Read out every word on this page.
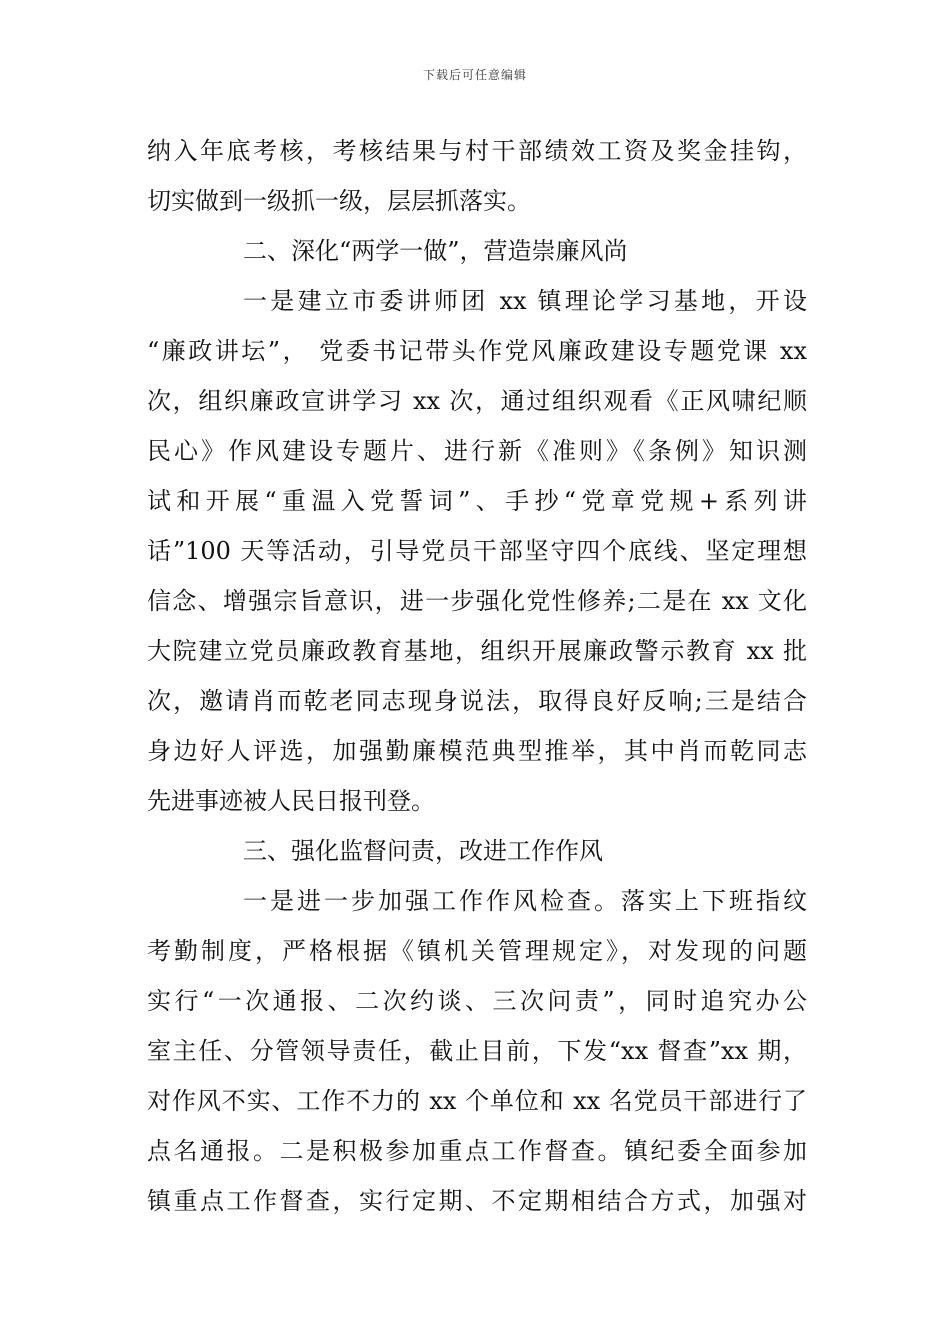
下载后可任意编辑
纳入年底考核，考核结果与村干部绩效工资及奖金挂钩，
切实做到一级抓一级，层层抓落实。
二、深化“两学一做”，营造崇廉风尚
一是建立市委讲师团 xx 镇理论学习基地，开设
“廉政讲坛”， 党委书记带头作党风廉政建设专题党课 xx
次，组织廉政宣讲学习 xx 次，通过组织观看《正风啸纪顺
民心》作风建设专题片、进行新《准则》《条例》知识测
试和开展“重温入党誓词”、手抄“党章党规+系列讲
话”100 天等活动，引导党员干部坚守四个底线、坚定理想
信念、增强宗旨意识，进一步强化党性修养;二是在 xx 文化
大院建立党员廉政教育基地，组织开展廉政警示教育 xx 批
次，邀请肖而乾老同志现身说法，取得良好反响;三是结合
身边好人评选，加强勤廉模范典型推举，其中肖而乾同志
先进事迹被人民日报刊登。
三、强化监督问责，改进工作作风
一是进一步加强工作作风检查。落实上下班指纹
考勤制度，严格根据《镇机关管理规定》，对发现的问题
实行“一次通报、二次约谈、三次问责”，同时追究办公
室主任、分管领导责任，截止目前，下发“xx 督查”xx 期，
对作风不实、工作不力的 xx 个单位和 xx 名党员干部进行了
点名通报。二是积极参加重点工作督查。镇纪委全面参加
镇重点工作督查，实行定期、不定期相结合方式，加强对
